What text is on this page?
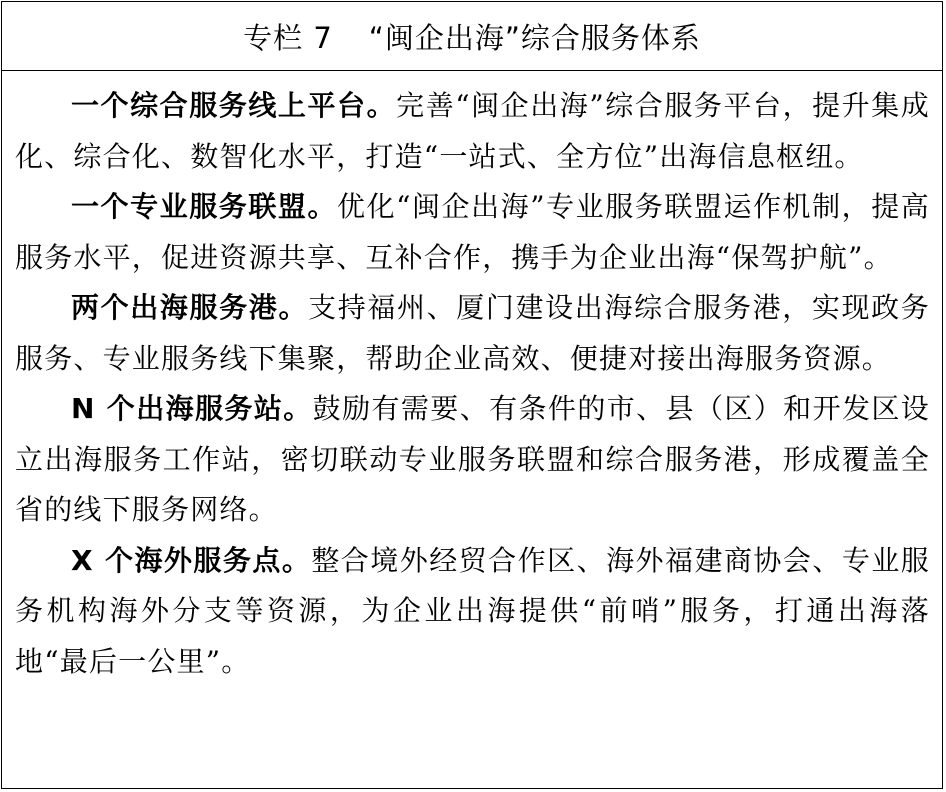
专栏 7 “闽企出海”综合服务体系

一个综合服务线上平台。完善“闽企出海”综合服务平台，提升集成化、综合化、数智化水平，打造“一站式、全方位”出海信息枢纽。

一个专业服务联盟。优化“闽企出海”专业服务联盟运作机制，提高服务水平，促进资源共享、互补合作，携手为企业出海“保驾护航”。

两个出海服务港。支持福州、厦门建设出海综合服务港，实现政务服务、专业服务线下集聚，帮助企业高效、便捷对接出海服务资源。

N 个出海服务站。鼓励有需要、有条件的市、县（区）和开发区设立出海服务工作站，密切联动专业服务联盟和综合服务港，形成覆盖全省的线下服务网络。

X 个海外服务点。整合境外经贸合作区、海外福建商协会、专业服务机构海外分支等资源，为企业出海提供“前哨”服务，打通出海落地“最后一公里”。
